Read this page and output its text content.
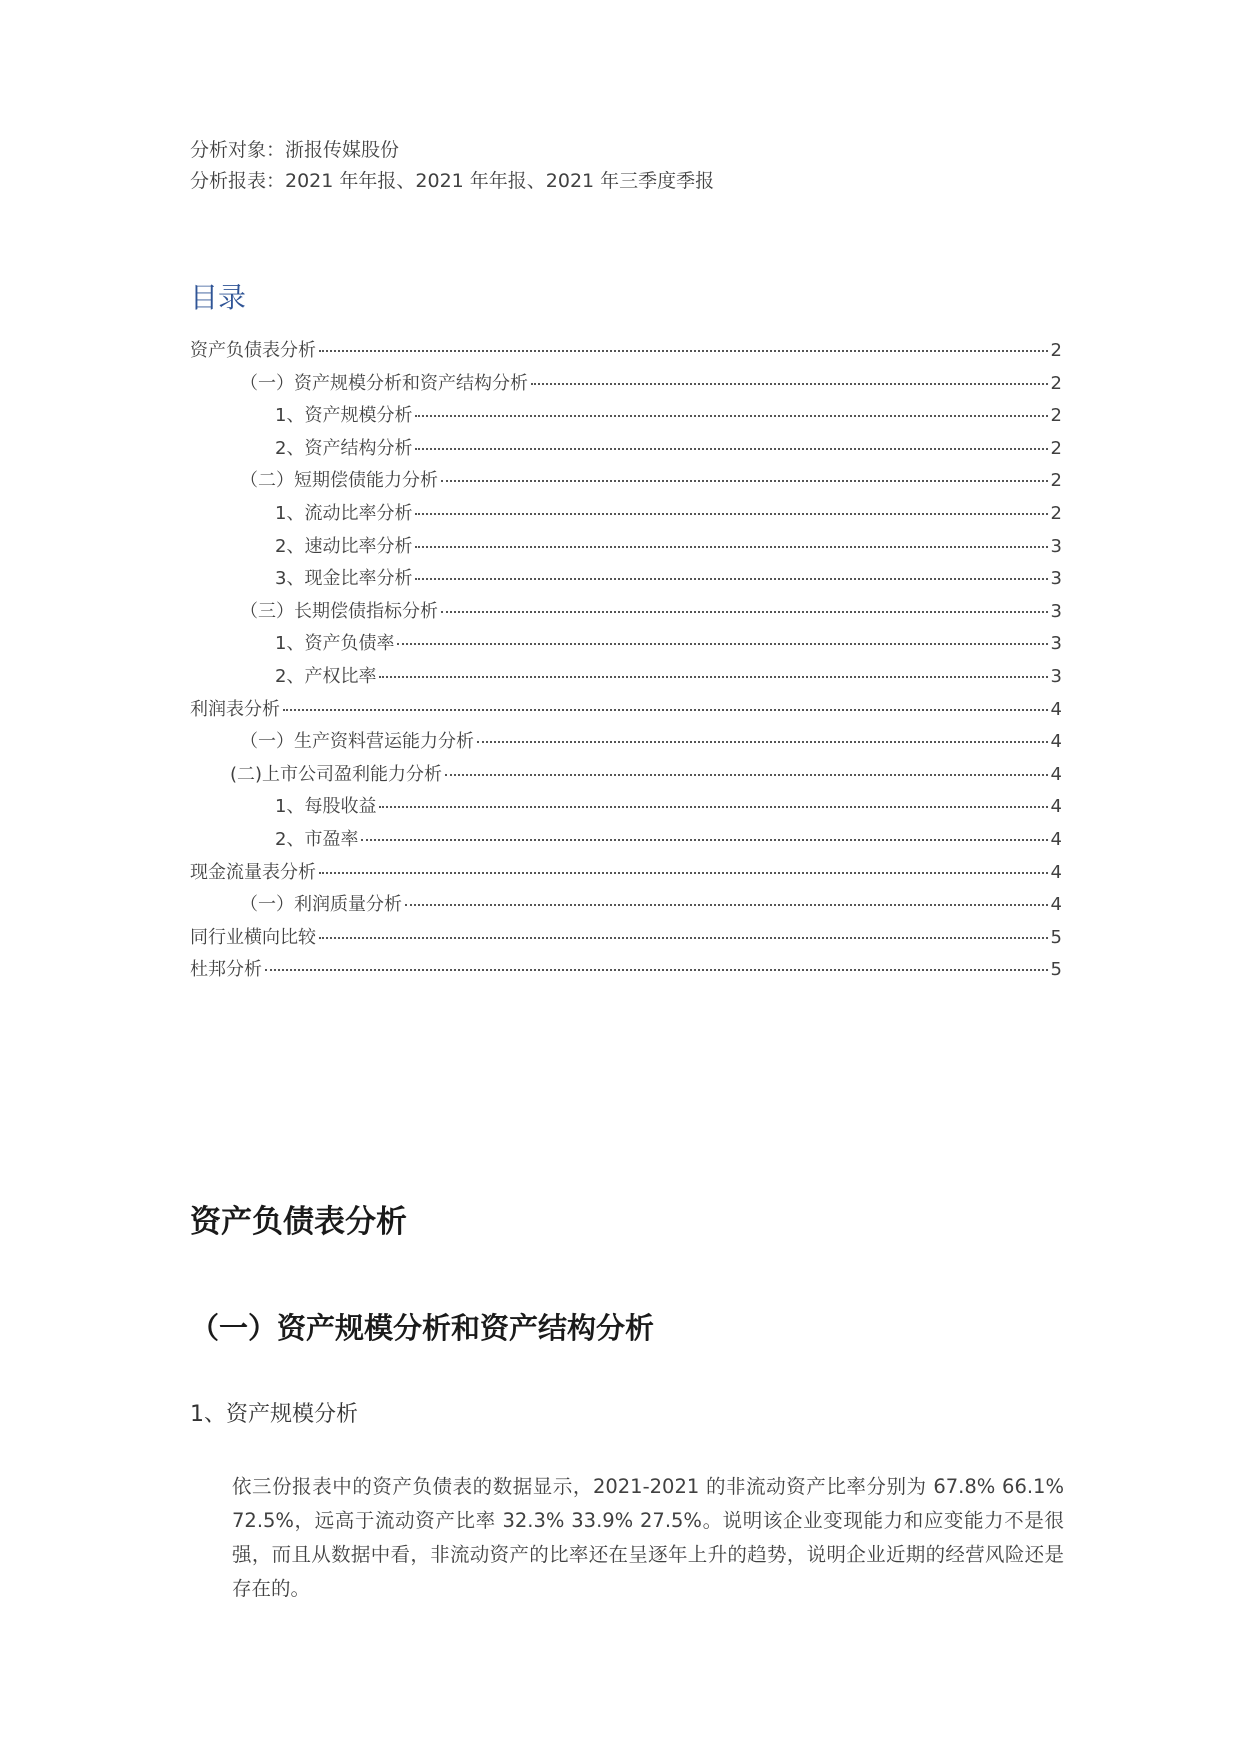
分析对象：浙报传媒股份
分析报表：2021 年年报、2021 年年报、2021 年三季度季报
目录
资产负债表分析	2
（一）资产规模分析和资产结构分析	2
1、资产规模分析	2
2、资产结构分析	2
（二）短期偿债能力分析	2
1、流动比率分析	2
2、速动比率分析	3
3、现金比率分析	3
（三）长期偿债指标分析	3
1、资产负债率	3
2、产权比率	3
利润表分析	4
（一）生产资料营运能力分析	4
(二)上市公司盈利能力分析	4
1、每股收益	4
2、市盈率	4
现金流量表分析	4
（一）利润质量分析	4
同行业横向比较	5
杜邦分析	5
资产负债表分析
（一）资产规模分析和资产结构分析
1、资产规模分析

依三份报表中的资产负债表的数据显示，2021-2021 的非流动资产比率分别为 67.8% 66.1% 72.5%，远高于流动资产比率 32.3% 33.9% 27.5%。说明该企业变现能力和应变能力不是很强，而且从数据中看，非流动资产的比率还在呈逐年上升的趋势，说明企业近期的经营风险还是存在的。
